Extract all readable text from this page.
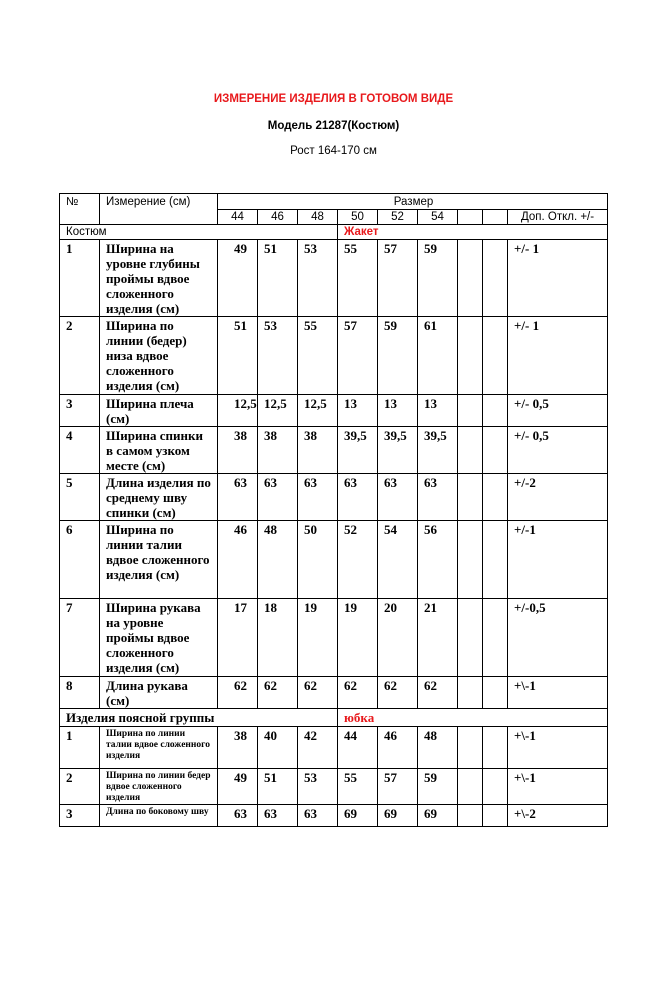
ИЗМЕРЕНИЕ ИЗДЕЛИЯ В ГОТОВОМ ВИДЕ
Модель 21287(Костюм)
Рост 164-170 см
№	Измерение (см)	Размер								
		44	46	48	50	52	54			Доп. Откл. +/-
Костюм					Жакет					
1	Ширина на уровне глубины проймы вдвое сложенного изделия (см)	49	51	53	55	57	59			+/- 1
2	Ширина по линии (бедер) низа вдвое сложенного изделия (см)	51	53	55	57	59	61			+/- 1
3	Ширина плеча (см)	12,5	12,5	12,5	13	13	13			+/- 0,5
4	Ширина спинки в самом узком месте (см)	38	38	38	39,5	39,5	39,5			+/- 0,5
5	Длина изделия по среднему шву спинки (см)	63	63	63	63	63	63			+/-2
6	Ширина по линии талии вдвое сложенного изделия (см)	46	48	50	52	54	56			+/-1
7	Ширина рукава на уровне проймы вдвое сложенного изделия (см)	17	18	19	19	20	21			+/-0,5
8	Длина рукава (см)	62	62	62	62	62	62			+\-1
Изделия поясной группы					юбка					
1	Ширина по линии талии вдвое сложенного изделия	38	40	42	44	46	48			+\-1
2	Ширина по линии бедер вдвое сложенного изделия	49	51	53	55	57	59			+\-1
3	Длина по боковому шву	63	63	63	69	69	69			+\-2
